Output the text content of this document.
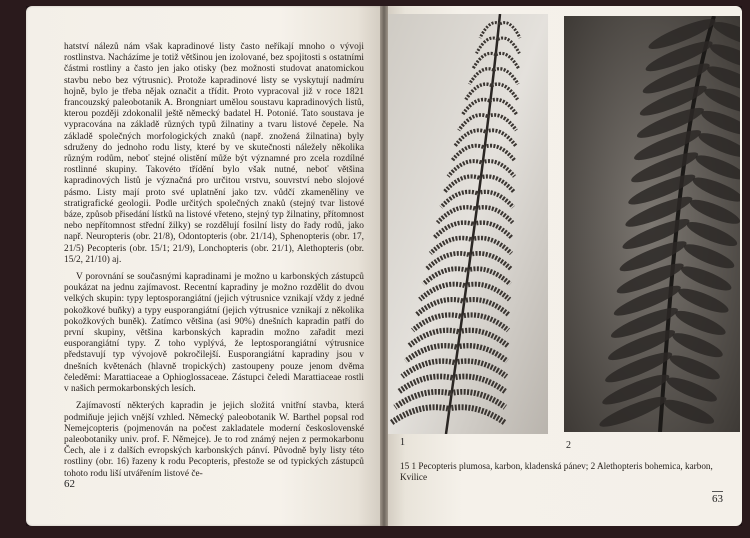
hatství nálezů nám však kapradinové listy často neříkají mnoho o vývoji rostlinstva. Nacházíme je totiž většinou jen izolované, bez spojitosti s ostatními částmi rostliny a často jen jako otisky (bez možnosti studovat anatomickou stavbu nebo bez výtrusnic). Protože kapradinové listy se vyskytují nadmíru hojně, bylo je třeba nějak označit a třídit. Proto vypracoval již v roce 1821 francouzský paleobotanik A. Brongniart umělou soustavu kapradinových listů, kterou později zdokonalil ještě německý badatel H. Potonié. Tato soustava je vypracována na základě různých typů žilnatiny a tvaru listové čepele. Na základě společných morfologických znaků (např. znožená žilnatina) byly sdruženy do jednoho rodu listy, které by ve skutečnosti náležely několika různým rodům, neboť stejné olistění může být významné pro zcela rozdílné rostlinné skupiny. Takovéto třídění bylo však nutné, neboť většina kapradinových listů je význačná pro určitou vrstvu, souvrství nebo slojové pásmo. Listy mají proto své uplatnění jako tzv. vůdčí zkameněliny ve stratigrafické geologii. Podle určitých společných znaků (stejný tvar listové báze, způsob přisedání lístků na listové vřeteno, stejný typ žilnatiny, přítomnost nebo nepřítomnost střední žilky) se rozdělují fosilní listy do řady rodů, jako např. Neuropteris (obr. 21/8), Odontopteris (obr. 21/14), Sphenopteris (obr. 17, 21/5) Pecopteris (obr. 15/1; 21/9), Lonchopteris (obr. 21/1), Alethopteris (obr. 15/2, 21/10) aj.

V porovnání se současnými kapradinami je možno u karbonských zástupců poukázat na jednu zajímavost. Recentní kapradiny je možno rozdělit do dvou velkých skupin: typy leptosporangiátní (jejich výtrusnice vznikají vždy z jedné pokožkové buňky) a typy eusporangiátní (jejich výtrusnice vznikají z několika pokožkových buněk). Zatímco většina (asi 90%) dnešních kapradin patří do první skupiny, většina karbonských kapradin možno zařadit mezi eusporangiátní typy. Z toho vyplývá, že leptosporangiátní výtrusnice představují typ vývojově pokročilejší. Eusporangiátní kapradiny jsou v dnešních květenách (hlavně tropických) zastoupeny pouze jenom dvěma čeleděmi: Marattiaceae a Ophioglossaceae. Zástupci čeledi Marattiaceae rostli v našich permokarbonských lesích.

Zajímavostí některých kapradin je jejich složitá vnitřní stavba, která podmiňuje jejich vnější vzhled. Německý paleobotanik W. Barthel popsal rod Nemejcopteris (pojmenován na počest zakladatele moderní československé paleobotaniky univ. prof. F. Němejce). Je to rod známý nejen z permokarbonu Čech, ale i z dalších evropských karbonských pánví. Původně byly listy této rostliny (obr. 16) řazeny k rodu Pecopteris, přestože se od typických zástupců tohoto rodu liší utvářením listové če-

62
1	2
15 1 Pecopteris plumosa, karbon, kladenská pánev; 2 Alethopteris bohemica, karbon, Kvilice
63
